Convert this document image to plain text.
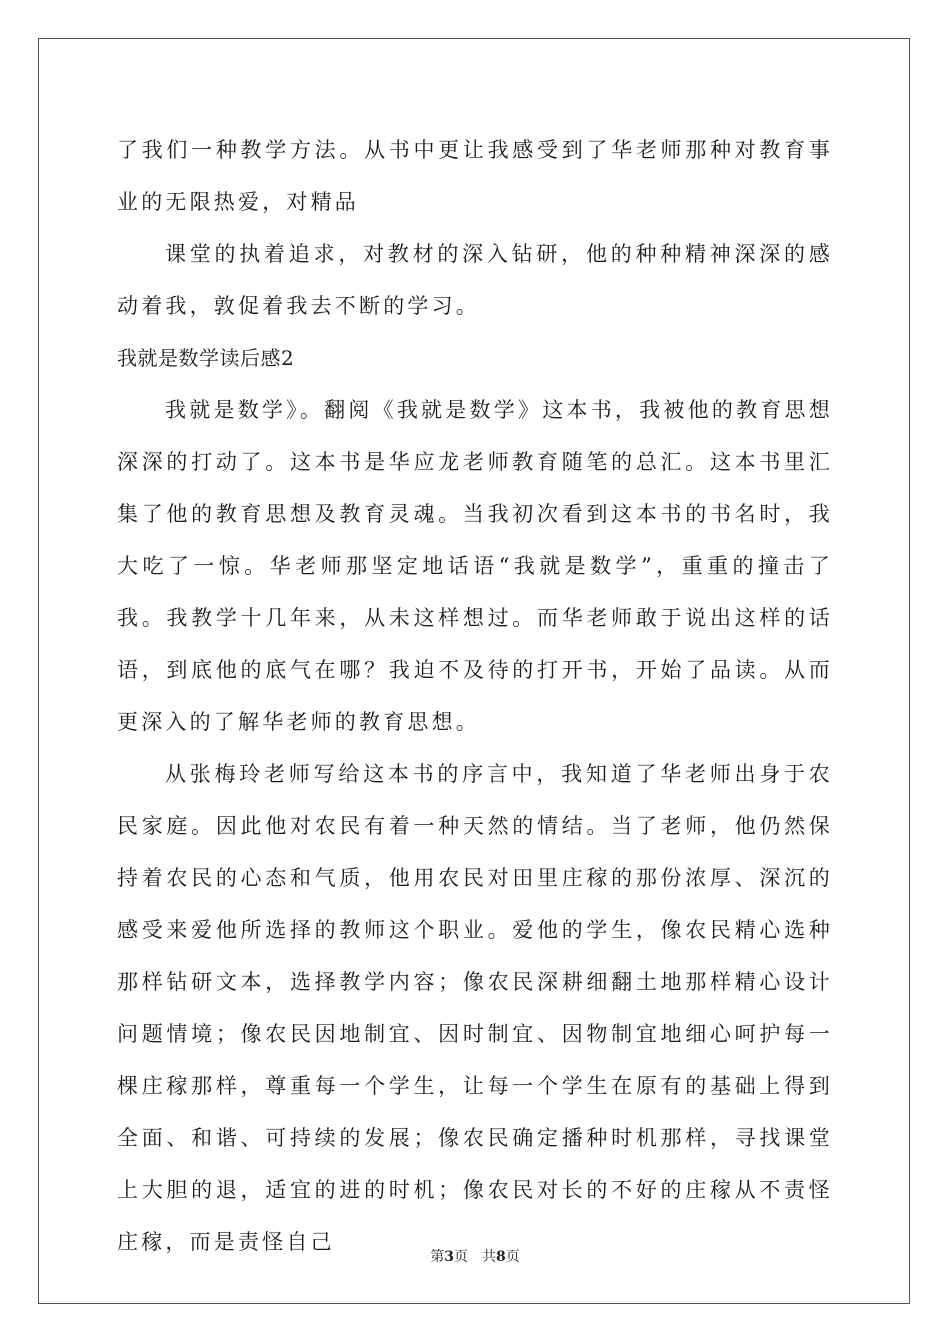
了我们一种教学方法。从书中更让我感受到了华老师那种对教育事业的无限热爱，对精品

课堂的执着追求，对教材的深入钻研，他的种种精神深深的感动着我，敦促着我去不断的学习。

我就是数学读后感2

我就是数学》。翻阅《我就是数学》这本书，我被他的教育思想深深的打动了。这本书是华应龙老师教育随笔的总汇。这本书里汇集了他的教育思想及教育灵魂。当我初次看到这本书的书名时，我大吃了一惊。华老师那坚定地话语“我就是数学”，重重的撞击了我。我教学十几年来，从未这样想过。而华老师敢于说出这样的话语，到底他的底气在哪？我迫不及待的打开书，开始了品读。从而更深入的了解华老师的教育思想。

从张梅玲老师写给这本书的序言中，我知道了华老师出身于农民家庭。因此他对农民有着一种天然的情结。当了老师，他仍然保持着农民的心态和气质，他用农民对田里庄稼的那份浓厚、深沉的感受来爱他所选择的教师这个职业。爱他的学生，像农民精心选种那样钻研文本，选择教学内容；像农民深耕细翻土地那样精心设计问题情境；像农民因地制宜、因时制宜、因物制宜地细心呵护每一棵庄稼那样，尊重每一个学生，让每一个学生在原有的基础上得到全面、和谐、可持续的发展；像农民确定播种时机那样，寻找课堂上大胆的退，适宜的进的时机；像农民对长的不好的庄稼从不责怪庄稼，而是责怪自己

第3页 共8页
